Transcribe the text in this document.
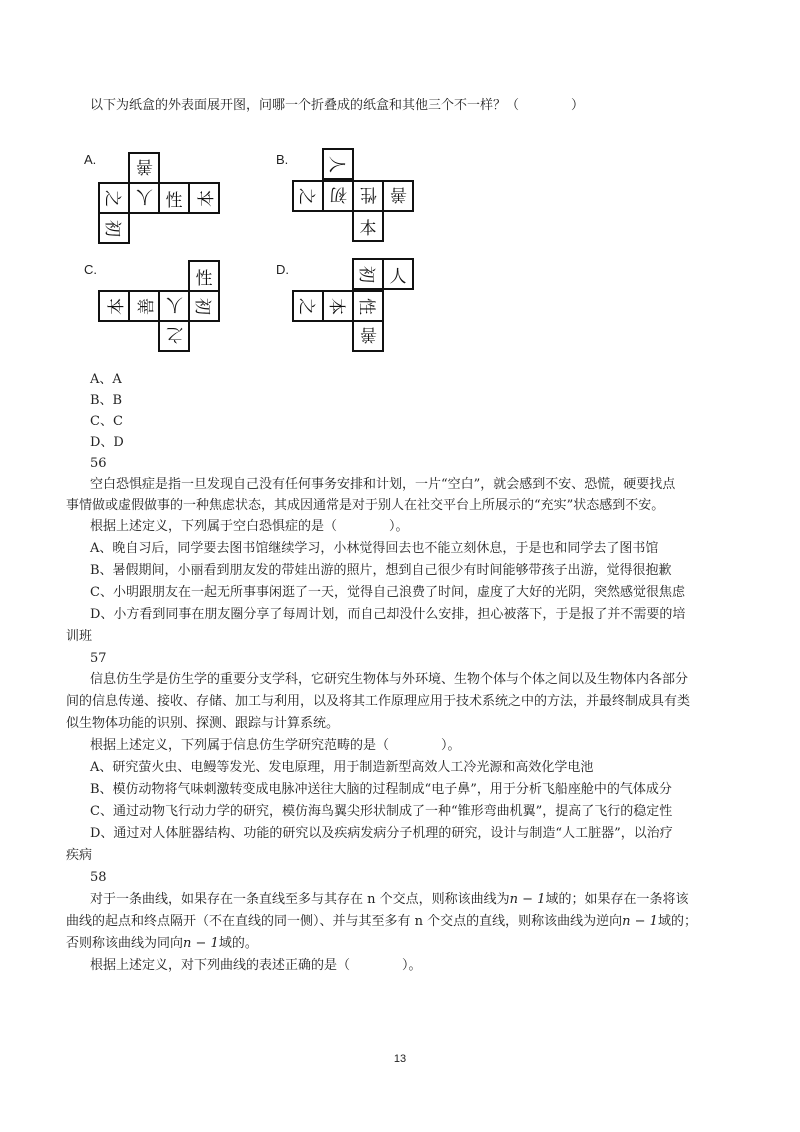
以下为纸盒的外表面展开图，问哪一个折叠成的纸盒和其他三个不一样？（　　　　）
A. 善
之 人 性 本
初
B. 人
之 初 性 善
本
C.	性
本 善 人 初
之
D.	初 人
之 本 性
善
A、A
B、B
C、C
D、D
56
空白恐惧症是指一旦发现自己没有任何事务安排和计划，一片“空白”，就会感到不安、恐慌，硬要找点
事情做或虚假做事的一种焦虑状态，其成因通常是对于别人在社交平台上所展示的“充实”状态感到不安。
根据上述定义，下列属于空白恐惧症的是（　　　　）。
A、晚自习后，同学要去图书馆继续学习，小林觉得回去也不能立刻休息，于是也和同学去了图书馆
B、暑假期间，小丽看到朋友发的带娃出游的照片，想到自己很少有时间能够带孩子出游，觉得很抱歉
C、小明跟朋友在一起无所事事闲逛了一天，觉得自己浪费了时间，虚度了大好的光阴，突然感觉很焦虑
D、小方看到同事在朋友圈分享了每周计划，而自己却没什么安排，担心被落下，于是报了并不需要的培
训班
57
信息仿生学是仿生学的重要分支学科，它研究生物体与外环境、生物个体与个体之间以及生物体内各部分
间的信息传递、接收、存储、加工与利用，以及将其工作原理应用于技术系统之中的方法，并最终制成具有类
似生物体功能的识别、探测、跟踪与计算系统。
根据上述定义，下列属于信息仿生学研究范畴的是（　　　　）。
A、研究萤火虫、电鳗等发光、发电原理，用于制造新型高效人工冷光源和高效化学电池
B、模仿动物将气味刺激转变成电脉冲送往大脑的过程制成“电子鼻”，用于分析飞船座舱中的气体成分
C、通过动物飞行动力学的研究，模仿海鸟翼尖形状制成了一种“锥形弯曲机翼”，提高了飞行的稳定性
D、通过对人体脏器结构、功能的研究以及疾病发病分子机理的研究，设计与制造“人工脏器”，以治疗
疾病
58
对于一条曲线，如果存在一条直线至多与其存在 n 个交点，则称该曲线为n − 1域的；如果存在一条将该
曲线的起点和终点隔开（不在直线的同一侧）、并与其至多有 n 个交点的直线，则称该曲线为逆向n − 1域的；
否则称该曲线为同向n − 1域的。
根据上述定义，对下列曲线的表述正确的是（　　　　）。
13
